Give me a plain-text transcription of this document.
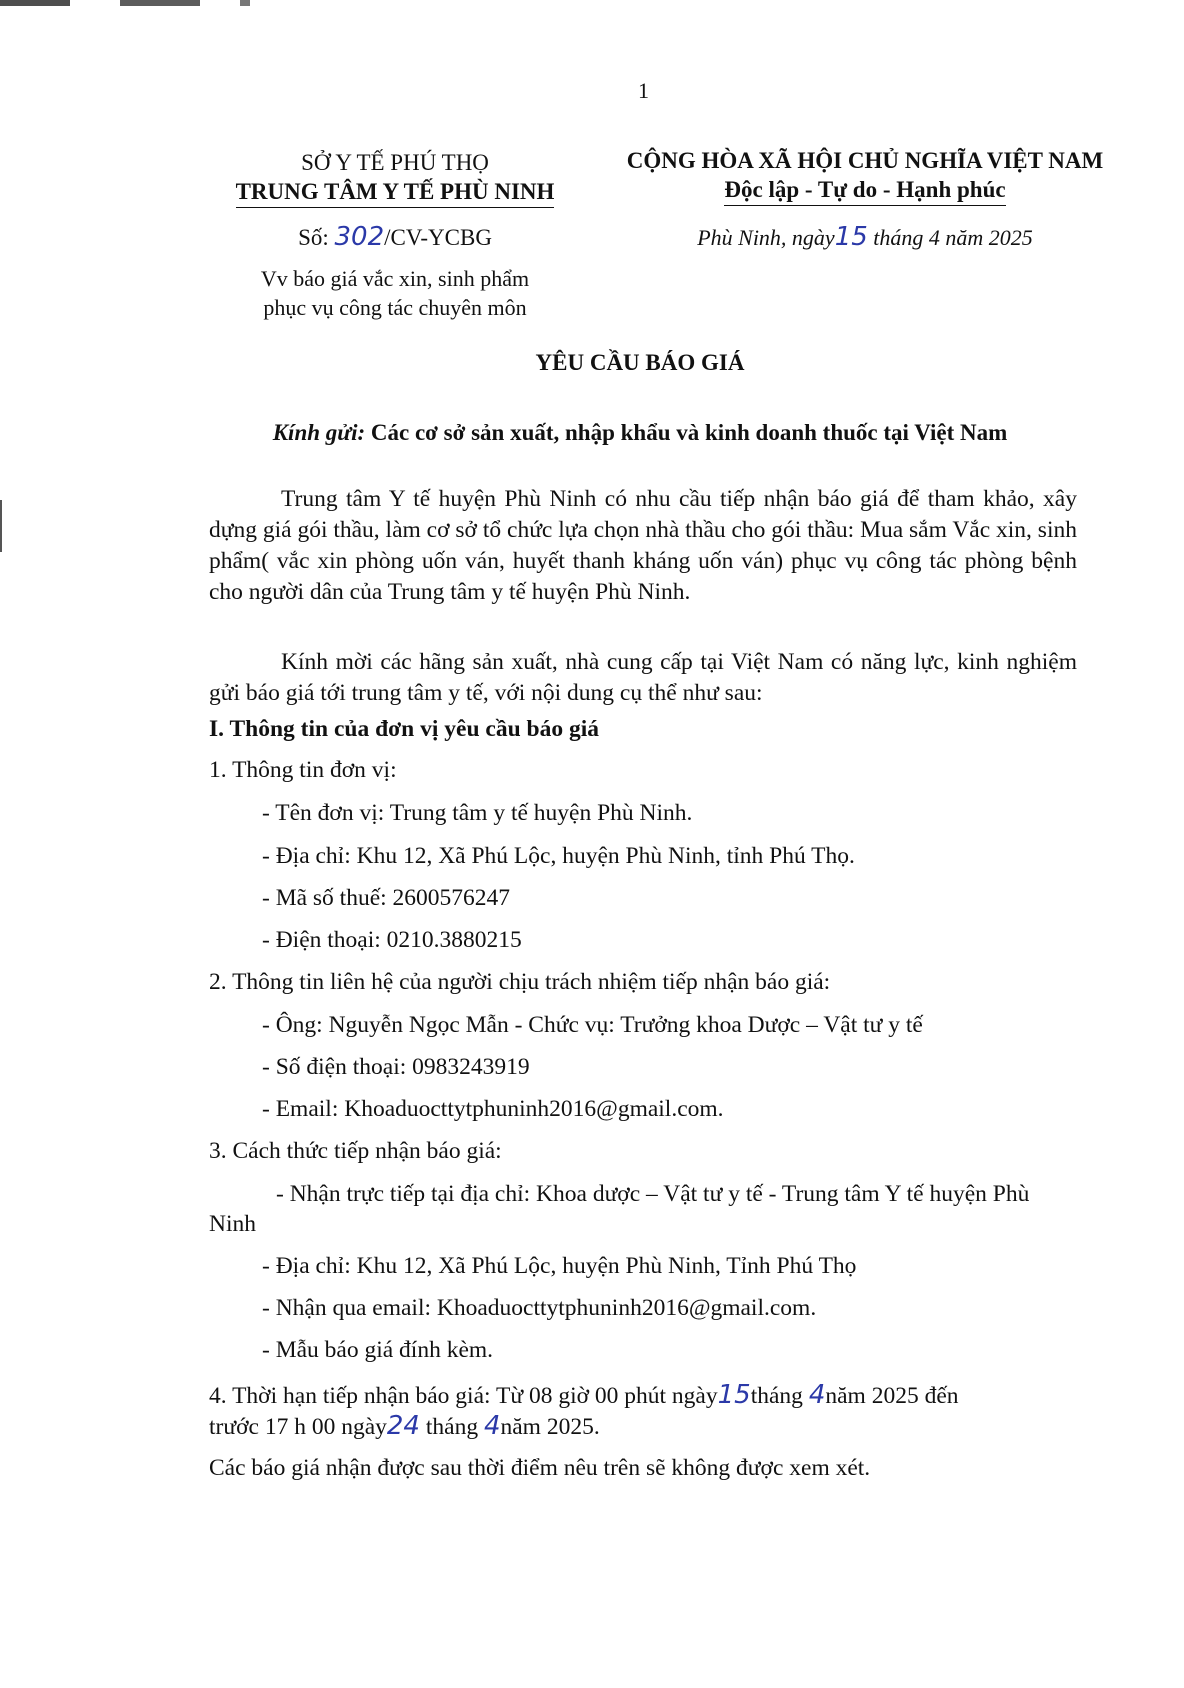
1
SỞ Y TẾ PHÚ THỌ
TRUNG TÂM Y TẾ PHÙ NINH
CỘNG HÒA XÃ HỘI CHỦ NGHĨA VIỆT NAM
Độc lập - Tự do - Hạnh phúc
Số: 302/CV-YCBG
Vv báo giá vắc xin, sinh phẩm
phục vụ công tác chuyên môn
Phù Ninh, ngày15 tháng 4 năm 2025
YÊU CẦU BÁO GIÁ
Kính gửi: Các cơ sở sản xuất, nhập khẩu và kinh doanh thuốc tại Việt Nam
Trung tâm Y tế huyện Phù Ninh có nhu cầu tiếp nhận báo giá để tham khảo, xây dựng giá gói thầu, làm cơ sở tổ chức lựa chọn nhà thầu cho gói thầu: Mua sắm Vắc xin, sinh phẩm( vắc xin phòng uốn ván, huyết thanh kháng uốn ván) phục vụ công tác phòng bệnh cho người dân của Trung tâm y tế huyện Phù Ninh.
Kính mời các hãng sản xuất, nhà cung cấp tại Việt Nam có năng lực, kinh nghiệm gửi báo giá tới trung tâm y tế, với nội dung cụ thể như sau:
I. Thông tin của đơn vị yêu cầu báo giá
1. Thông tin đơn vị:
- Tên đơn vị: Trung tâm y tế huyện Phù Ninh.
- Địa chỉ: Khu 12, Xã Phú Lộc, huyện Phù Ninh, tỉnh Phú Thọ.
- Mã số thuế: 2600576247
- Điện thoại: 0210.3880215
2. Thông tin liên hệ của người chịu trách nhiệm tiếp nhận báo giá:
- Ông: Nguyễn Ngọc Mẫn - Chức vụ: Trưởng khoa Dược – Vật tư y tế
- Số điện thoại: 0983243919
- Email: Khoaduocttytphuninh2016@gmail.com.
3. Cách thức tiếp nhận báo giá:
- Nhận trực tiếp tại địa chỉ: Khoa dược – Vật tư y tế - Trung tâm Y tế huyện Phù
Ninh
- Địa chỉ: Khu 12, Xã Phú Lộc, huyện Phù Ninh, Tỉnh Phú Thọ
- Nhận qua email: Khoaduocttytphuninh2016@gmail.com.
- Mẫu báo giá đính kèm.
4. Thời hạn tiếp nhận báo giá: Từ 08 giờ 00 phút ngày15tháng 4năm 2025 đến
trước 17 h 00 ngày24 tháng 4năm 2025.
Các báo giá nhận được sau thời điểm nêu trên sẽ không được xem xét.
